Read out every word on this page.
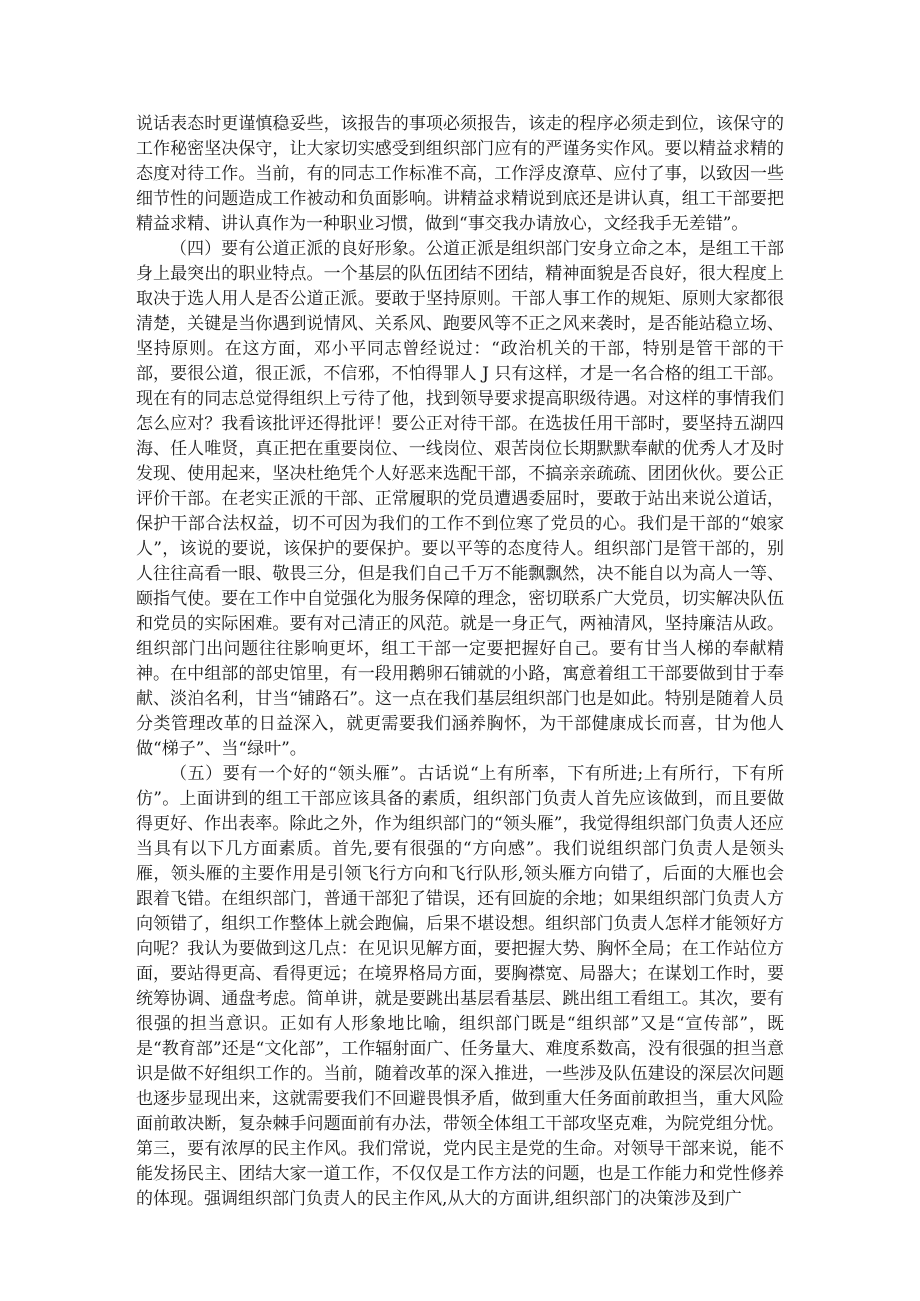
说话表态时更谨慎稳妥些，该报告的事项必须报告，该走的程序必须走到位，该保守的工作秘密坚决保守，让大家切实感受到组织部门应有的严谨务实作风。要以精益求精的态度对待工作。当前，有的同志工作标准不高，工作浮皮潦草、应付了事，以致因一些细节性的问题造成工作被动和负面影响。讲精益求精说到底还是讲认真，组工干部要把精益求精、讲认真作为一种职业习惯，做到“事交我办请放心，文经我手无差错”。

（四）要有公道正派的良好形象。公道正派是组织部门安身立命之本，是组工干部身上最突出的职业特点。一个基层的队伍团结不团结，精神面貌是否良好，很大程度上取决于选人用人是否公道正派。要敢于坚持原则。干部人事工作的规矩、原则大家都很清楚，关键是当你遇到说情风、关系风、跑要风等不正之风来袭时，是否能站稳立场、坚持原则。在这方面，邓小平同志曾经说过：“政治机关的干部，特别是管干部的干部，要很公道，很正派，不信邪，不怕得罪人 J 只有这样，才是一名合格的组工干部。现在有的同志总觉得组织上亏待了他，找到领导要求提高职级待遇。对这样的事情我们怎么应对？我看该批评还得批评！要公正对待干部。在选拔任用干部时，要坚持五湖四海、任人唯贤，真正把在重要岗位、一线岗位、艰苦岗位长期默默奉献的优秀人才及时发现、使用起来，坚决杜绝凭个人好恶来选配干部，不搞亲亲疏疏、团团伙伙。要公正评价干部。在老实正派的干部、正常履职的党员遭遇委屈时，要敢于站出来说公道话，保护干部合法权益，切不可因为我们的工作不到位寒了党员的心。我们是干部的“娘家人”，该说的要说，该保护的要保护。要以平等的态度待人。组织部门是管干部的，别人往往高看一眼、敬畏三分，但是我们自己千万不能飘飘然，决不能自以为高人一等、颐指气使。要在工作中自觉强化为服务保障的理念，密切联系广大党员，切实解决队伍和党员的实际困难。要有对己清正的风范。就是一身正气，两袖清风，坚持廉洁从政。组织部门出问题往往影响更坏，组工干部一定要把握好自己。要有甘当人梯的奉献精神。在中组部的部史馆里，有一段用鹅卵石铺就的小路，寓意着组工干部要做到甘于奉献、淡泊名利，甘当“铺路石”。这一点在我们基层组织部门也是如此。特别是随着人员分类管理改革的日益深入，就更需要我们涵养胸怀，为干部健康成长而喜，甘为他人做“梯子”、当“绿叶”。

（五）要有一个好的“领头雁”。古话说“上有所率，下有所进;上有所行，下有所仿”。上面讲到的组工干部应该具备的素质，组织部门负责人首先应该做到，而且要做得更好、作出表率。除此之外，作为组织部门的“领头雁”，我觉得组织部门负责人还应当具有以下几方面素质。首先,要有很强的“方向感”。我们说组织部门负责人是领头雁，领头雁的主要作用是引领飞行方向和飞行队形,领头雁方向错了，后面的大雁也会跟着飞错。在组织部门，普通干部犯了错误，还有回旋的余地；如果组织部门负责人方向领错了，组织工作整体上就会跑偏，后果不堪设想。组织部门负责人怎样才能领好方向呢？我认为要做到这几点：在见识见解方面，要把握大势、胸怀全局；在工作站位方面，要站得更高、看得更远；在境界格局方面，要胸襟宽、局器大；在谋划工作时，要统筹协调、通盘考虑。简单讲，就是要跳出基层看基层、跳出组工看组工。其次，要有很强的担当意识。正如有人形象地比喻，组织部门既是“组织部”又是“宣传部”，既是“教育部”还是“文化部”，工作辐射面广、任务量大、难度系数高，没有很强的担当意识是做不好组织工作的。当前，随着改革的深入推进，一些涉及队伍建设的深层次问题也逐步显现出来，这就需要我们不回避畏惧矛盾，做到重大任务面前敢担当，重大风险面前敢决断，复杂棘手问题面前有办法，带领全体组工干部攻坚克难，为院党组分忧。第三，要有浓厚的民主作风。我们常说，党内民主是党的生命。对领导干部来说，能不能发扬民主、团结大家一道工作，不仅仅是工作方法的问题，也是工作能力和党性修养的体现。强调组织部门负责人的民主作风,从大的方面讲,组织部门的决策涉及到广
